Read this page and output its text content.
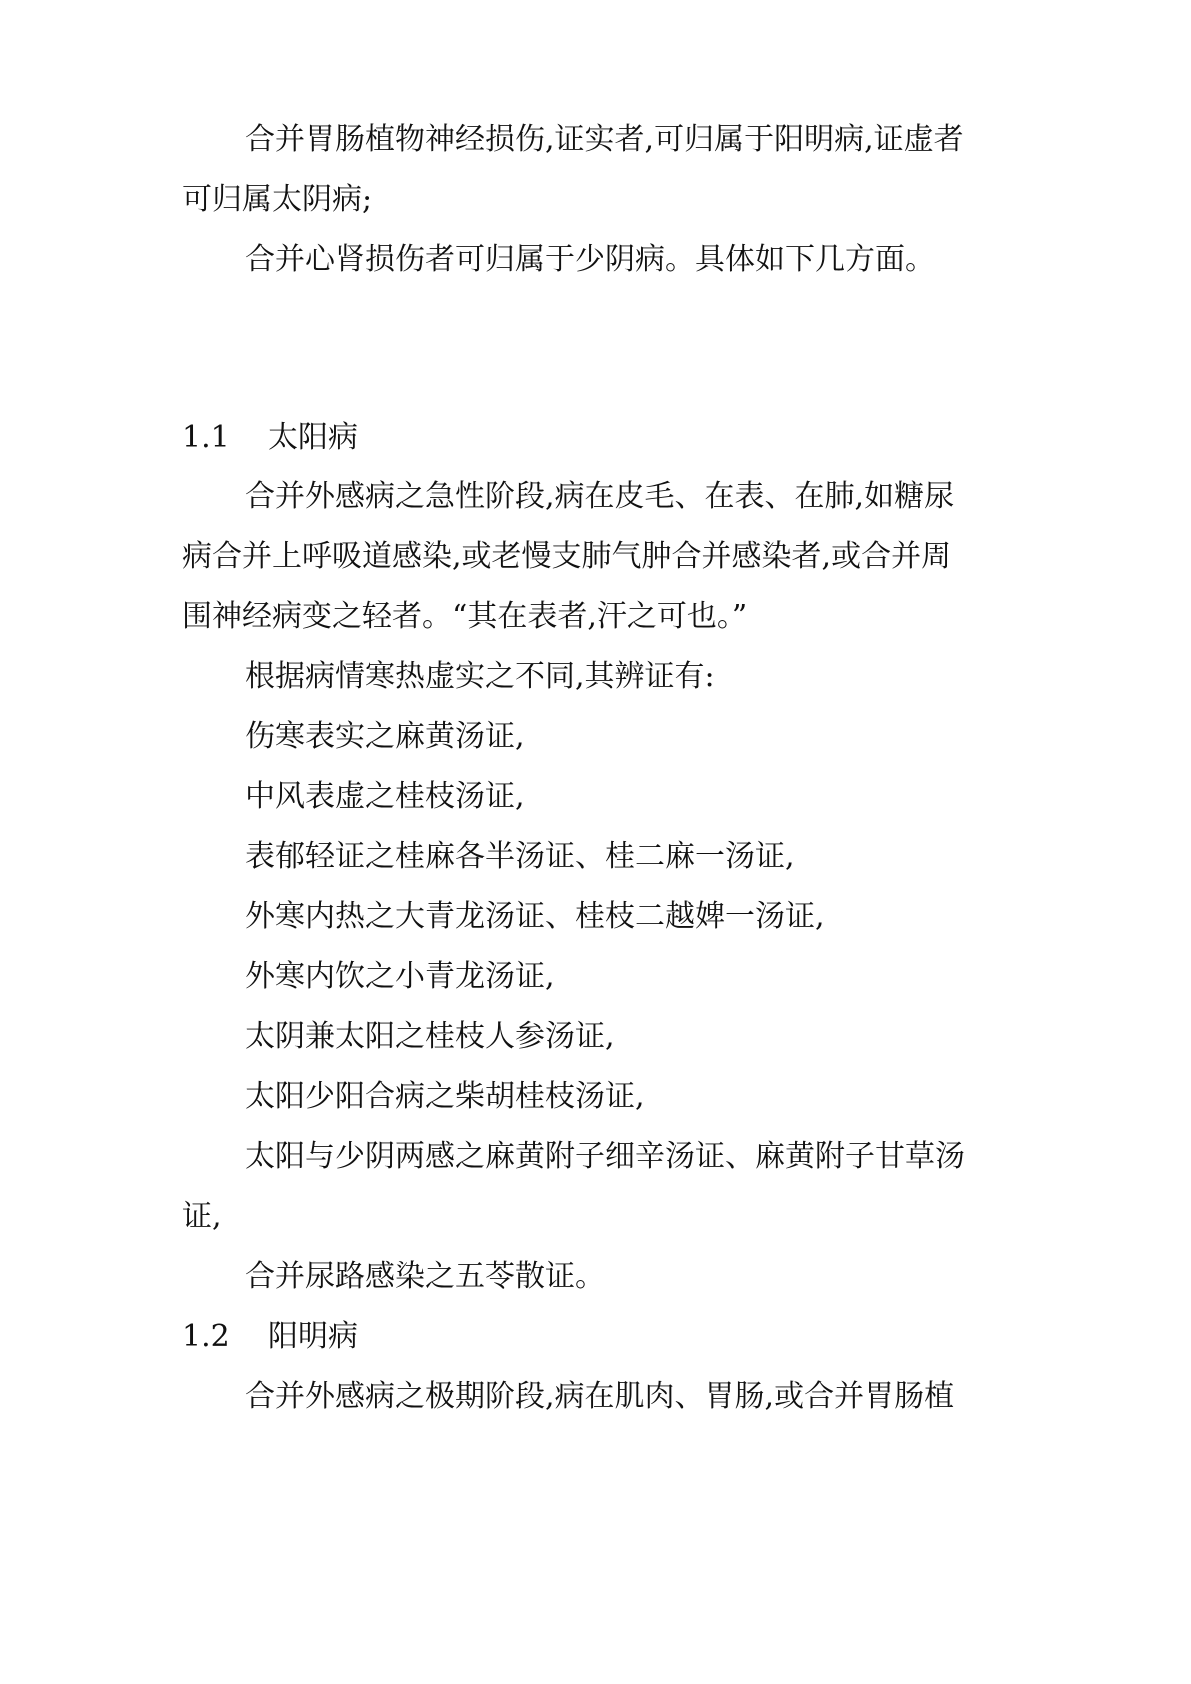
合并胃肠植物神经损伤,证实者,可归属于阳明病,证虚者
可归属太阴病;
合并心肾损伤者可归属于少阴病。具体如下几方面。
1.1 太阳病
合并外感病之急性阶段,病在皮毛、在表、在肺,如糖尿
病合并上呼吸道感染,或老慢支肺气肿合并感染者,或合并周
围神经病变之轻者。“其在表者,汗之可也。”
根据病情寒热虚实之不同,其辨证有:
伤寒表实之麻黄汤证,
中风表虚之桂枝汤证,
表郁轻证之桂麻各半汤证、桂二麻一汤证,
外寒内热之大青龙汤证、桂枝二越婢一汤证,
外寒内饮之小青龙汤证,
太阴兼太阳之桂枝人参汤证,
太阳少阳合病之柴胡桂枝汤证,
太阳与少阴两感之麻黄附子细辛汤证、麻黄附子甘草汤
证,
合并尿路感染之五苓散证。
1.2 阳明病
合并外感病之极期阶段,病在肌肉、胃肠,或合并胃肠植
